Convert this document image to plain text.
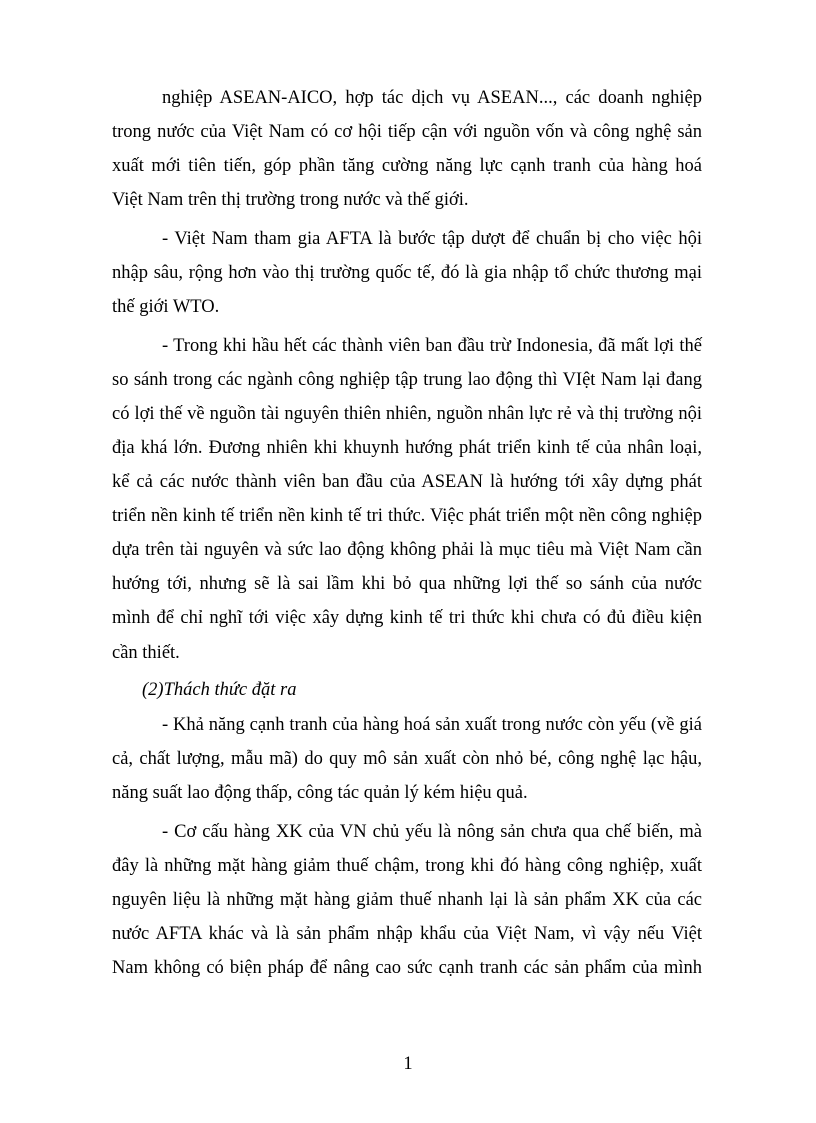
nghiệp ASEAN-AICO, hợp tác dịch vụ ASEAN..., các doanh nghiệp
trong nước của Việt Nam có cơ hội tiếp cận với nguồn vốn và công nghệ sản
xuất mới tiên tiến, góp phần tăng cường năng lực cạnh tranh của hàng hoá
Việt Nam trên thị trường trong nước và thế giới.
- Việt Nam tham gia AFTA là bước tập dượt để chuẩn bị cho việc hội
nhập sâu, rộng hơn vào thị trường quốc tế, đó là gia nhập tổ chức thương mại
thế giới WTO.
- Trong khi hầu hết các thành viên ban đầu trừ Indonesia, đã mất lợi thế
so sánh trong các ngành công nghiệp tập trung lao động thì VIệt Nam lại đang
có lợi thế về nguồn tài nguyên thiên nhiên, nguồn nhân lực rẻ và thị trường nội
địa khá lớn. Đương nhiên khi khuynh hướng phát triển kinh tế của nhân loại,
kể cả các nước thành viên ban đầu của ASEAN là hướng tới xây dựng phát
triển nền kinh tế triển nền kinh tế tri thức. Việc phát triển một nền công nghiệp
dựa trên tài nguyên và sức lao động không phải là mục tiêu mà Việt Nam cần
hướng tới, nhưng sẽ là sai lầm khi bỏ qua những lợi thế so sánh của nước
mình để chỉ nghĩ tới việc xây dựng kinh tế tri thức khi chưa có đủ điều kiện
cần thiết.
(2)Thách thức đặt ra
- Khả năng cạnh tranh của hàng hoá sản xuất trong nước còn yếu (về giá
cả, chất lượng, mẫu mã) do quy mô sản xuất còn nhỏ bé, công nghệ lạc hậu,
năng suất lao động thấp, công tác quản lý kém hiệu quả.
- Cơ cấu hàng XK của VN chủ yếu là nông sản chưa qua chế biến, mà
đây là những mặt hàng giảm thuế chậm, trong khi đó hàng công nghiệp, xuất
nguyên liệu là những mặt hàng giảm thuế nhanh lại là sản phẩm XK của các
nước AFTA khác và là sản phẩm nhập khẩu của Việt Nam, vì vậy nếu Việt
Nam không có biện pháp để nâng cao sức cạnh tranh các sản phẩm của mình
1
